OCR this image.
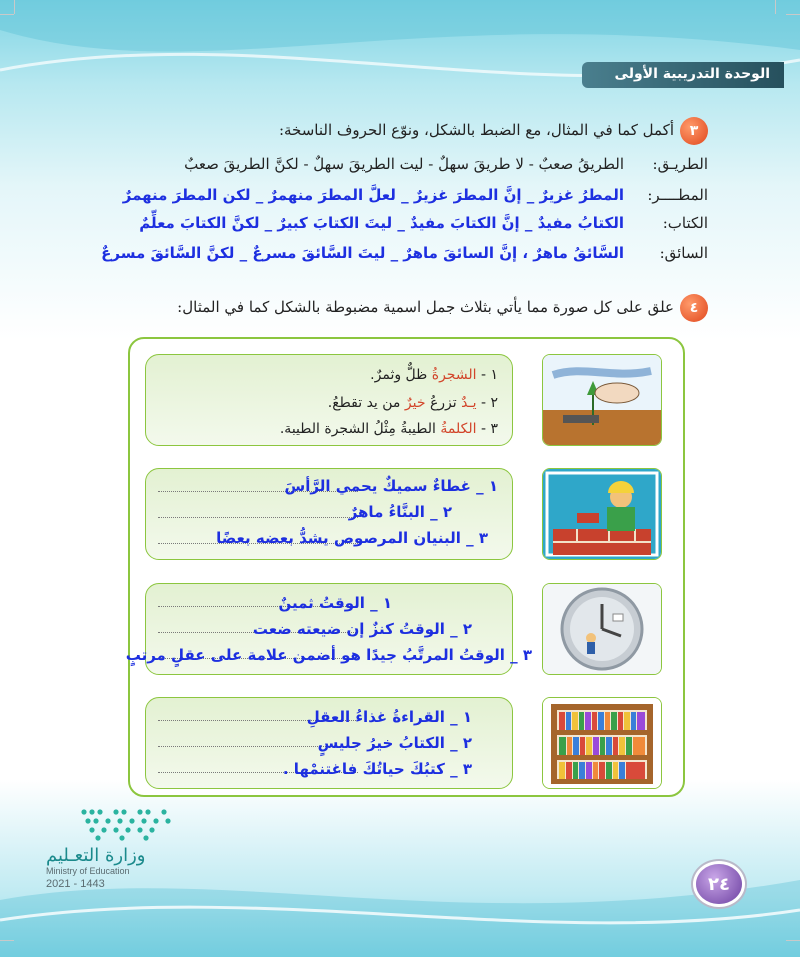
الوحدة التدريبية الأولى
٣
أكمل كما في المثال، مع الضبط بالشكل، ونوّع الحروف الناسخة:
الطريـق:
الطريقُ صعبٌ - لا طريقَ سهلٌ - ليت الطريقَ سهلٌ - لكنَّ الطريقَ صعبٌ
المطــــر:
المطرُ غزيرٌ _ إنَّ المطرَ غزيرٌ _ لعلَّ المطرَ منهمرٌ _ لكن المطرَ منهمرٌ
الكتاب:
الكتابُ مفيدٌ _ إنَّ الكتابَ مفيدٌ _ ليتَ الكتابَ كبيرٌ _ لكنَّ الكتابَ معلِّمٌ
السائق:
السَّائقُ ماهرٌ ، إنَّ السائقَ ماهرٌ _ ليتَ السَّائقَ مسرعٌ _ لكنَّ السَّائقَ مسرعٌ
٤
علق على كل صورة مما يأتي بثلاث جمل اسمية مضبوطة بالشكل كما في المثال:
١ - الشجرةُ ظلٌّ وثمرٌ.
٢ - يـدٌ تزرعُ خيرٌ من يد تقطعُ.
٣ - الكلمةُ الطيبةُ مِثْلُ الشجرة الطيبة.
١ _ غطاءٌ سميكٌ يحمي الرَّأسَ
٢ _ البنَّاءُ ماهرٌ
٣ _ البنيان المرصوص يشدُّ بعضه بعضًا
١ _ الوقتُ ثمينٌ
٢ _ الوقتُ كنزٌ إن ضيعته ضعت
٣ _ الوقتُ المرتَّبُ جيدًا هو أضمن علامة على عقلٍ مرتبٍ
١ _ القراءةُ غذاءُ العقلِ
٢ _ الكتابُ خيرُ جليسٍ
٣ _ كتبُكَ حياتُكَ فاغتنمْها .
وزارة التعـليم
Ministry of Education
2021 - 1443	٢٤
